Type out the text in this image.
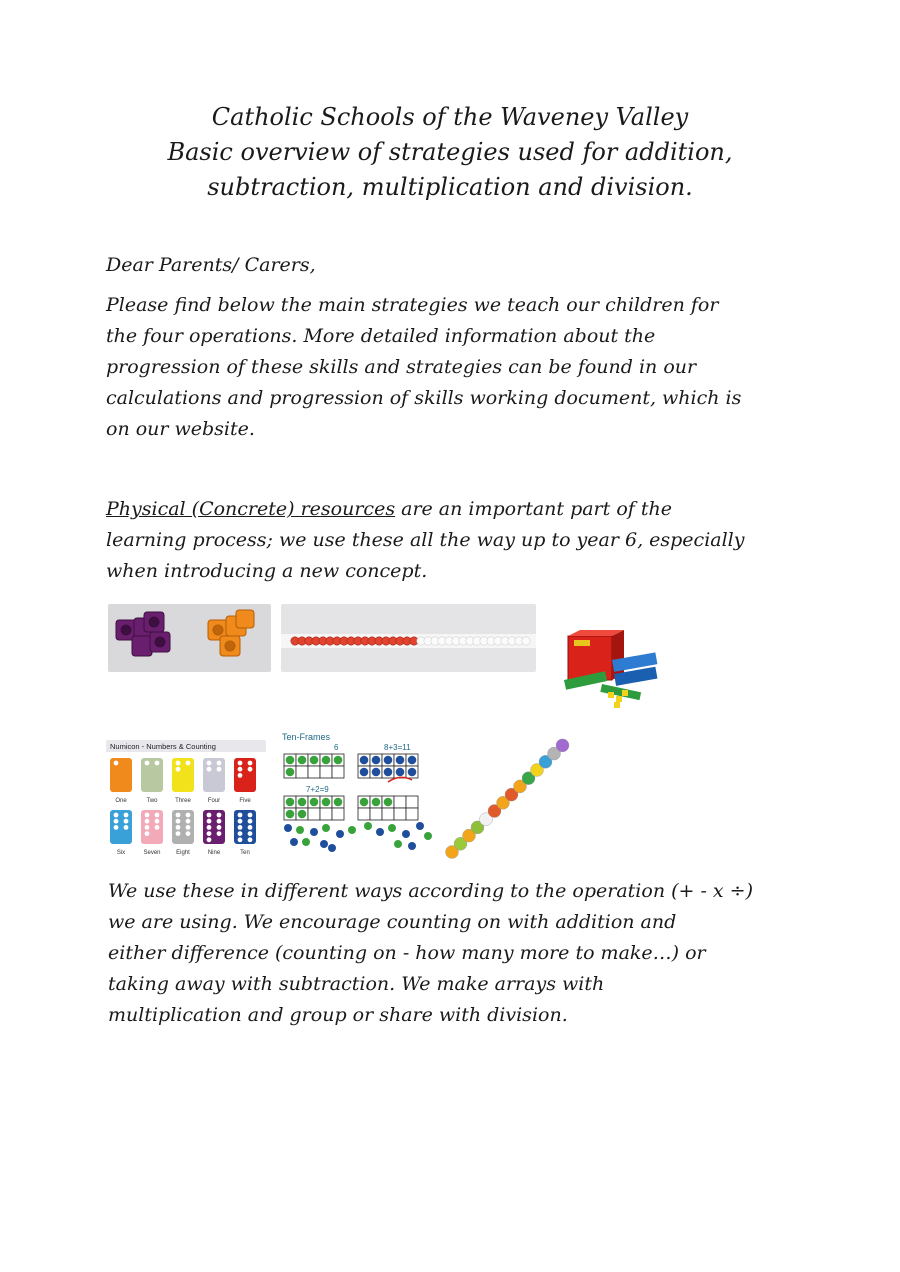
Catholic Schools of the Waveney Valley
Basic overview of strategies used for addition,
subtraction, multiplication and division.

Dear Parents/ Carers,

Please find below the main strategies we teach our children for

the four operations. More detailed information about the

progression of these skills and strategies can be found in our

calculations and progression of skills working document, which is

on our website.

Physical (Concrete) resources are an important part of the

learning process; we use these all the way up to year 6, especially

when introducing a new concept.

Numicon - Numbers & Counting
One	Two	Three	Four	Five
Six	Seven	Eight	Nine	Ten
Ten-Frames
6	8+3=11
7+2=9

We use these in different ways according to the operation (+ - x ÷)

we are using. We encourage counting on with addition and

either difference (counting on - how many more to make…) or

taking away with subtraction. We make arrays with

multiplication and group or share with division.
